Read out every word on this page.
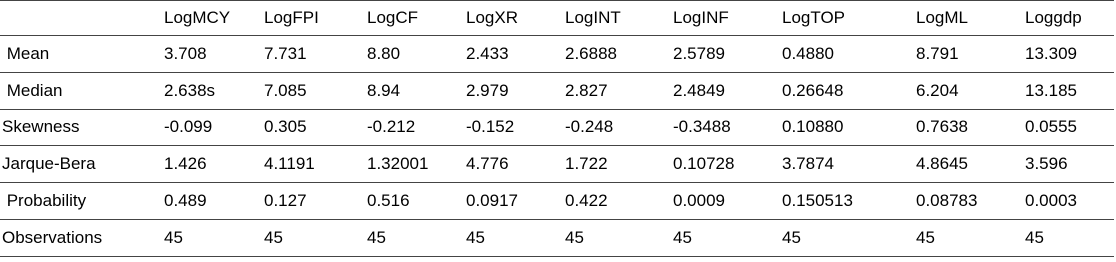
	LogMCY	LogFPI	LogCF	LogXR	LogINT	LogINF	LogTOP	LogML	Loggdp
Mean	3.708	7.731	8.80	2.433	2.6888	2.5789	0.4880	8.791	13.309
Median	2.638s	7.085	8.94	2.979	2.827	2.4849	0.26648	6.204	13.185
Skewness	-0.099	0.305	-0.212	-0.152	-0.248	-0.3488	0.10880	0.7638	0.0555
Jarque-Bera	1.426	4.1191	1.32001	4.776	1.722	0.10728	3.7874	4.8645	3.596
Probability	0.489	0.127	0.516	0.0917	0.422	0.0009	0.150513	0.08783	0.0003
Observations	45	45	45	45	45	45	45	45	45
